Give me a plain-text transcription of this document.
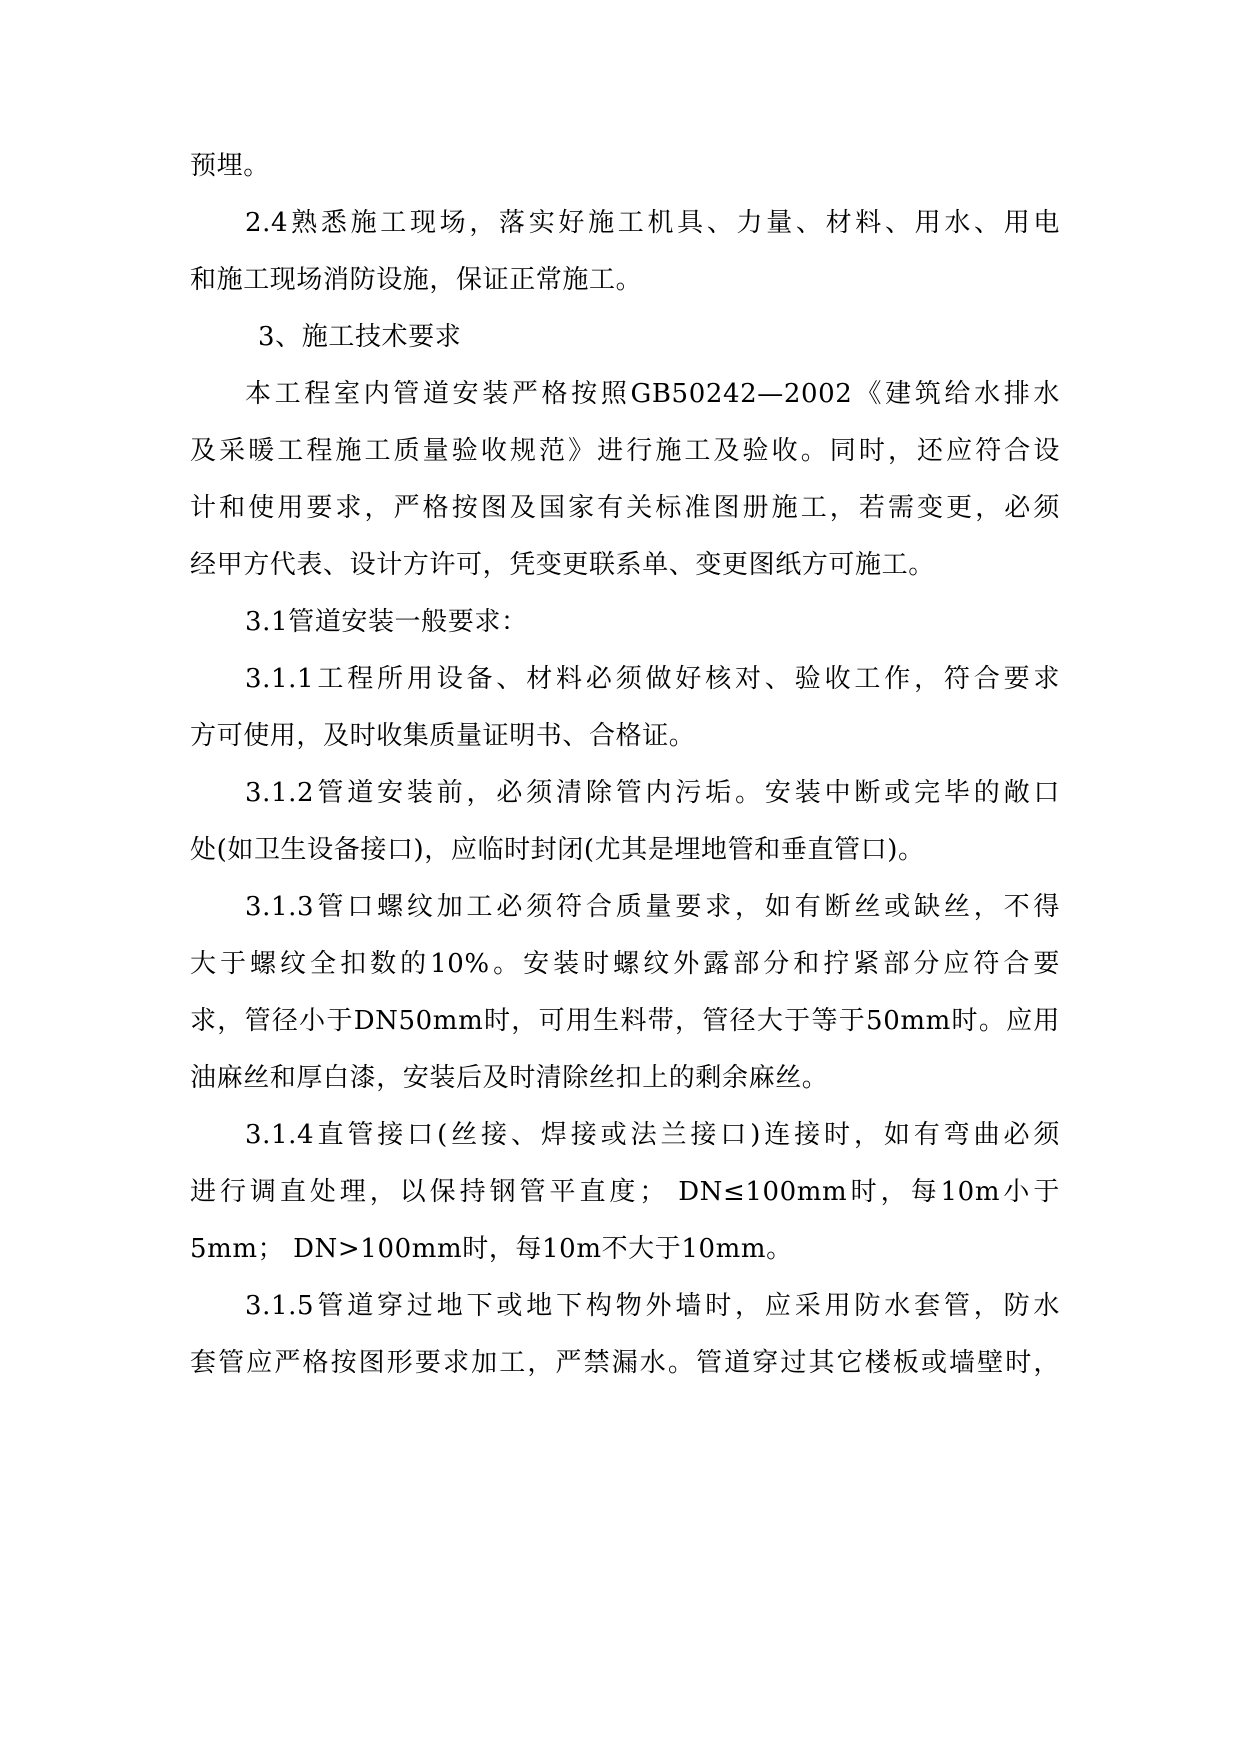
预埋。
2.4熟悉施工现场，落实好施工机具、力量、材料、用水、用电
和施工现场消防设施，保证正常施工。
3、施工技术要求
本工程室内管道安装严格按照GB50242—2002《建筑给水排水
及采暖工程施工质量验收规范》进行施工及验收。同时，还应符合设
计和使用要求，严格按图及国家有关标准图册施工，若需变更，必须
经甲方代表、设计方许可，凭变更联系单、变更图纸方可施工。
3.1管道安装一般要求：
3.1.1工程所用设备、材料必须做好核对、验收工作，符合要求
方可使用，及时收集质量证明书、合格证。
3.1.2管道安装前，必须清除管内污垢。安装中断或完毕的敞口
处(如卫生设备接口)，应临时封闭(尤其是埋地管和垂直管口)。
3.1.3管口螺纹加工必须符合质量要求，如有断丝或缺丝，不得
大于螺纹全扣数的10%。安装时螺纹外露部分和拧紧部分应符合要
求，管径小于DN50mm时，可用生料带，管径大于等于50mm时。应用
油麻丝和厚白漆，安装后及时清除丝扣上的剩余麻丝。
3.1.4直管接口(丝接、焊接或法兰接口)连接时，如有弯曲必须
进行调直处理，以保持钢管平直度； DN≤100mm时，每10m小于
5mm； DN>100mm时，每10m不大于10mm。
3.1.5管道穿过地下或地下构物外墙时，应采用防水套管，防水
套管应严格按图形要求加工，严禁漏水。管道穿过其它楼板或墙壁时，
